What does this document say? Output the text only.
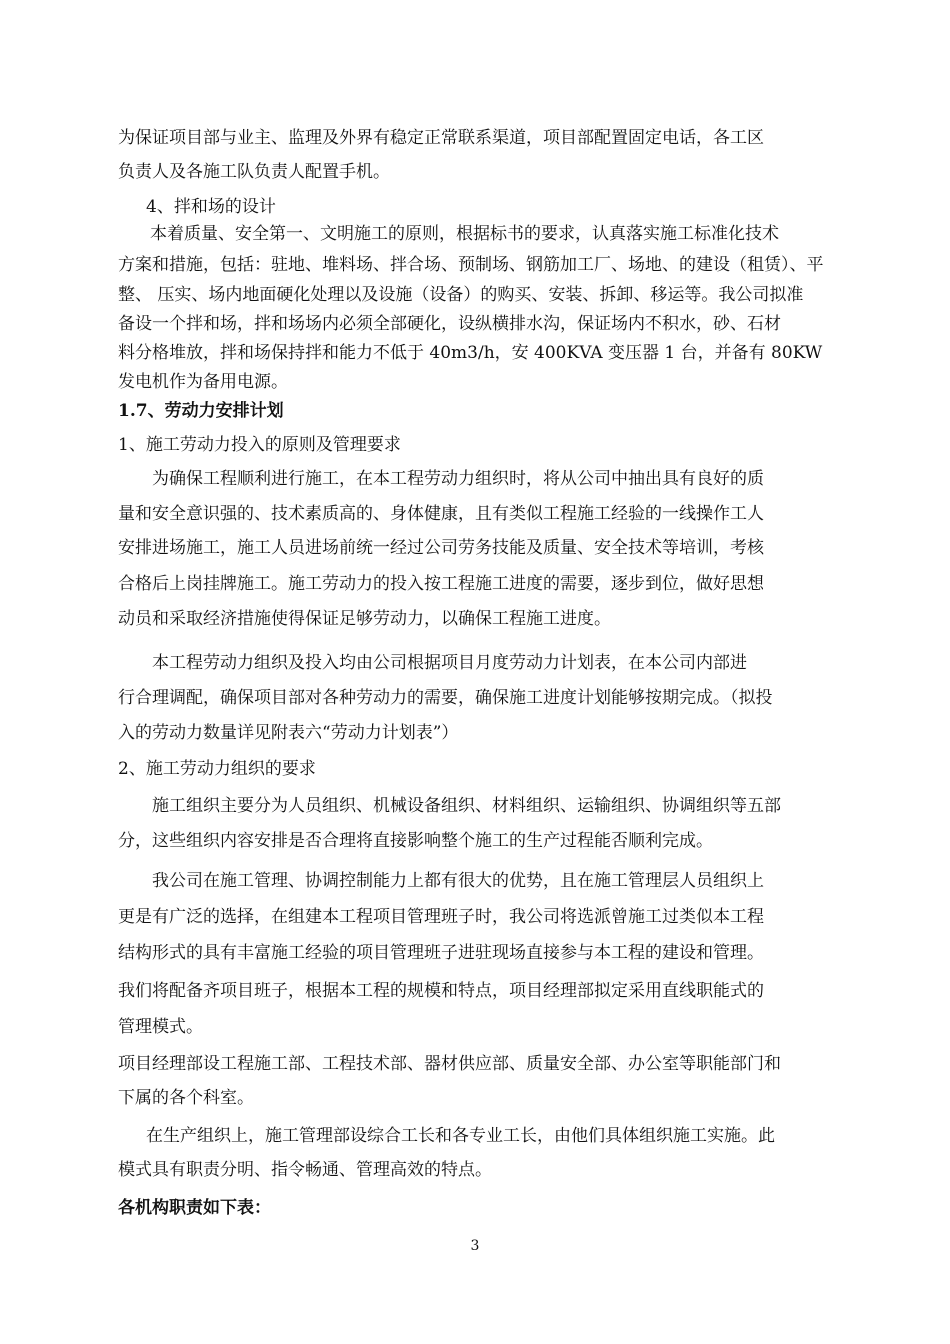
为保证项目部与业主、监理及外界有稳定正常联系渠道，项目部配置固定电话，各工区
负责人及各施工队负责人配置手机。
4、拌和场的设计
本着质量、安全第一、文明施工的原则，根据标书的要求，认真落实施工标准化技术
方案和措施，包括：驻地、堆料场、拌合场、预制场、钢筋加工厂、场地、的建设（租赁）、平
整、 压实、场内地面硬化处理以及设施（设备）的购买、安装、拆卸、移运等。我公司拟准
备设一个拌和场，拌和场场内必须全部硬化，设纵横排水沟，保证场内不积水，砂、石材
料分格堆放，拌和场保持拌和能力不低于 40m3/h，安 400KVA 变压器 1 台，并备有 80KW
发电机作为备用电源。
1.7、劳动力安排计划
1、施工劳动力投入的原则及管理要求
为确保工程顺利进行施工，在本工程劳动力组织时，将从公司中抽出具有良好的质
量和安全意识强的、技术素质高的、身体健康，且有类似工程施工经验的一线操作工人
安排进场施工，施工人员进场前统一经过公司劳务技能及质量、安全技术等培训，考核
合格后上岗挂牌施工。施工劳动力的投入按工程施工进度的需要，逐步到位，做好思想
动员和采取经济措施使得保证足够劳动力，以确保工程施工进度。
本工程劳动力组织及投入均由公司根据项目月度劳动力计划表，在本公司内部进
行合理调配，确保项目部对各种劳动力的需要，确保施工进度计划能够按期完成。（拟投
入的劳动力数量详见附表六“劳动力计划表”）
2、施工劳动力组织的要求
施工组织主要分为人员组织、机械设备组织、材料组织、运输组织、协调组织等五部
分，这些组织内容安排是否合理将直接影响整个施工的生产过程能否顺利完成。
我公司在施工管理、协调控制能力上都有很大的优势，且在施工管理层人员组织上
更是有广泛的选择，在组建本工程项目管理班子时，我公司将选派曾施工过类似本工程
结构形式的具有丰富施工经验的项目管理班子进驻现场直接参与本工程的建设和管理。
我们将配备齐项目班子，根据本工程的规模和特点，项目经理部拟定采用直线职能式的
管理模式。
项目经理部设工程施工部、工程技术部、器材供应部、质量安全部、办公室等职能部门和
下属的各个科室。
在生产组织上，施工管理部设综合工长和各专业工长，由他们具体组织施工实施。此
模式具有职责分明、指令畅通、管理高效的特点。
各机构职责如下表：
3
